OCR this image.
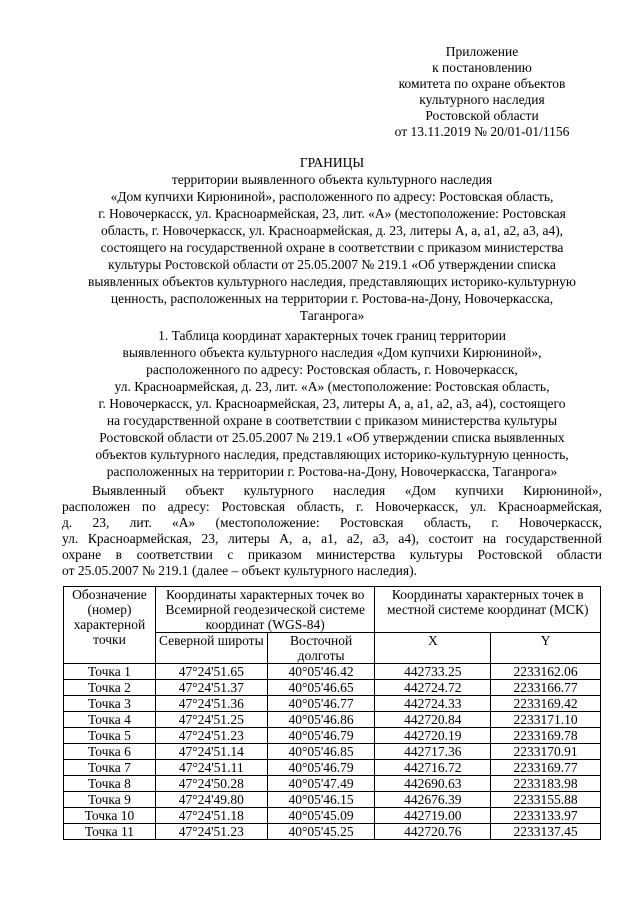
Приложение
к постановлению
комитета по охране объектов
культурного наследия
Ростовской области
от 13.11.2019 № 20/01-01/1156
ГРАНИЦЫ
территории выявленного объекта культурного наследия
«Дом купчихи Кирюниной», расположенного по адресу: Ростовская область,
г. Новочеркасск, ул. Красноармейская, 23, лит. «А» (местоположение: Ростовская
область, г. Новочеркасск, ул. Красноармейская, д. 23, литеры А, а, а1, а2, а3, а4),
состоящего на государственной охране в соответствии с приказом министерства
культуры Ростовской области от 25.05.2007 № 219.1 «Об утверждении списка
выявленных объектов культурного наследия, представляющих историко-культурную
ценность, расположенных на территории г. Ростова-на-Дону, Новочеркасска,
Таганрога»
1. Таблица координат характерных точек границ территории
выявленного объекта культурного наследия «Дом купчихи Кирюниной»,
расположенного по адресу: Ростовская область, г. Новочеркасск,
ул. Красноармейская, д. 23, лит. «А» (местоположение: Ростовская область,
г. Новочеркасск, ул. Красноармейская, 23, литеры А, а, а1, а2, а3, а4), состоящего
на государственной охране в соответствии с приказом министерства культуры
Ростовской области от 25.05.2007 № 219.1 «Об утверждении списка выявленных
объектов культурного наследия, представляющих историко-культурную ценность,
расположенных на территории г. Ростова-на-Дону, Новочеркасска, Таганрога»
Выявленный объект культурного наследия «Дом купчихи Кирюниной»,
расположен по адресу: Ростовская область, г. Новочеркасск, ул. Красноармейская,
д. 23, лит. «А» (местоположение: Ростовская область, г. Новочеркасск,
ул. Красноармейская, 23, литеры А, а, а1, а2, а3, а4), состоит на государственной
охране в соответствии с приказом министерства культуры Ростовской области
от 25.05.2007 № 219.1 (далее – объект культурного наследия).
Обозначение (номер) характерной точки	Координаты характерных точек во Всемирной геодезической системе координат (WGS-84)		Координаты характерных точек в местной системе координат (МСК)	
	Северной широты	Восточной долготы	X	Y
Точка 1	47°24'51.65	40°05'46.42	442733.25	2233162.06
Точка 2	47°24'51.37	40°05'46.65	442724.72	2233166.77
Точка 3	47°24'51.36	40°05'46.77	442724.33	2233169.42
Точка 4	47°24'51.25	40°05'46.86	442720.84	2233171.10
Точка 5	47°24'51.23	40°05'46.79	442720.19	2233169.78
Точка 6	47°24'51.14	40°05'46.85	442717.36	2233170.91
Точка 7	47°24'51.11	40°05'46.79	442716.72	2233169.77
Точка 8	47°24'50.28	40°05'47.49	442690.63	2233183.98
Точка 9	47°24'49.80	40°05'46.15	442676.39	2233155.88
Точка 10	47°24'51.18	40°05'45.09	442719.00	2233133.97
Точка 11	47°24'51.23	40°05'45.25	442720.76	2233137.45
